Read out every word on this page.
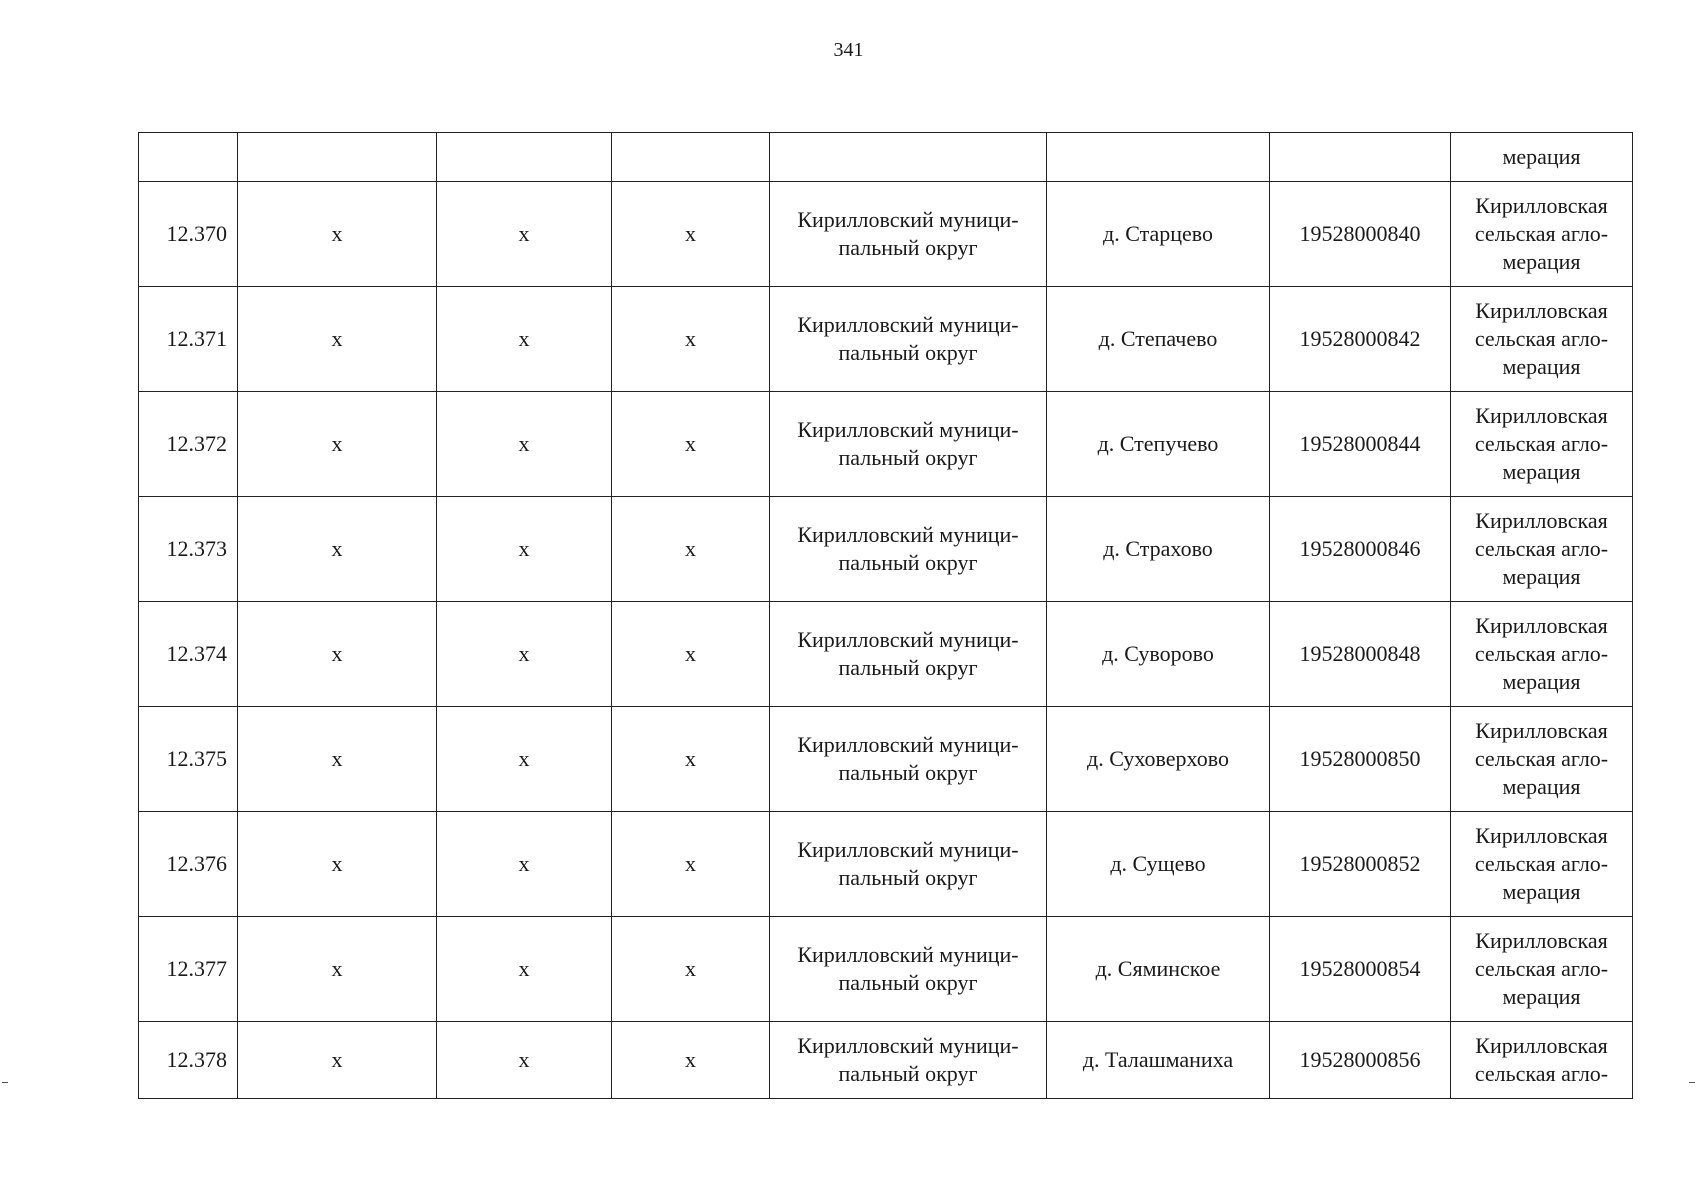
341
							мерация
12.370	х	х	х	Кирилловский муници-
пальный округ	д. Старцево	19528000840	Кирилловская
сельская агло-
мерация

12.371	х	х	х	Кирилловский муници-
пальный округ	д. Степачево	19528000842	Кирилловская
сельская агло-
мерация

12.372	х	х	х	Кирилловский муници-
пальный округ	д. Степучево	19528000844	Кирилловская
сельская агло-
мерация

12.373	х	х	х	Кирилловский муници-
пальный округ	д. Страхово	19528000846	Кирилловская
сельская агло-
мерация

12.374	х	х	х	Кирилловский муници-
пальный округ	д. Суворово	19528000848	Кирилловская
сельская агло-
мерация

12.375	х	х	х	Кирилловский муници-
пальный округ	д. Суховерхово	19528000850	Кирилловская
сельская агло-
мерация

12.376	х	х	х	Кирилловский муници-
пальный округ	д. Сущево	19528000852	Кирилловская
сельская агло-
мерация

12.377	х	х	х	Кирилловский муници-
пальный округ	д. Сяминское	19528000854	Кирилловская
сельская агло-
мерация

12.378	х	х	х	Кирилловский муници-
пальный округ	д. Талашманиха	19528000856	Кирилловская
сельская агло-
